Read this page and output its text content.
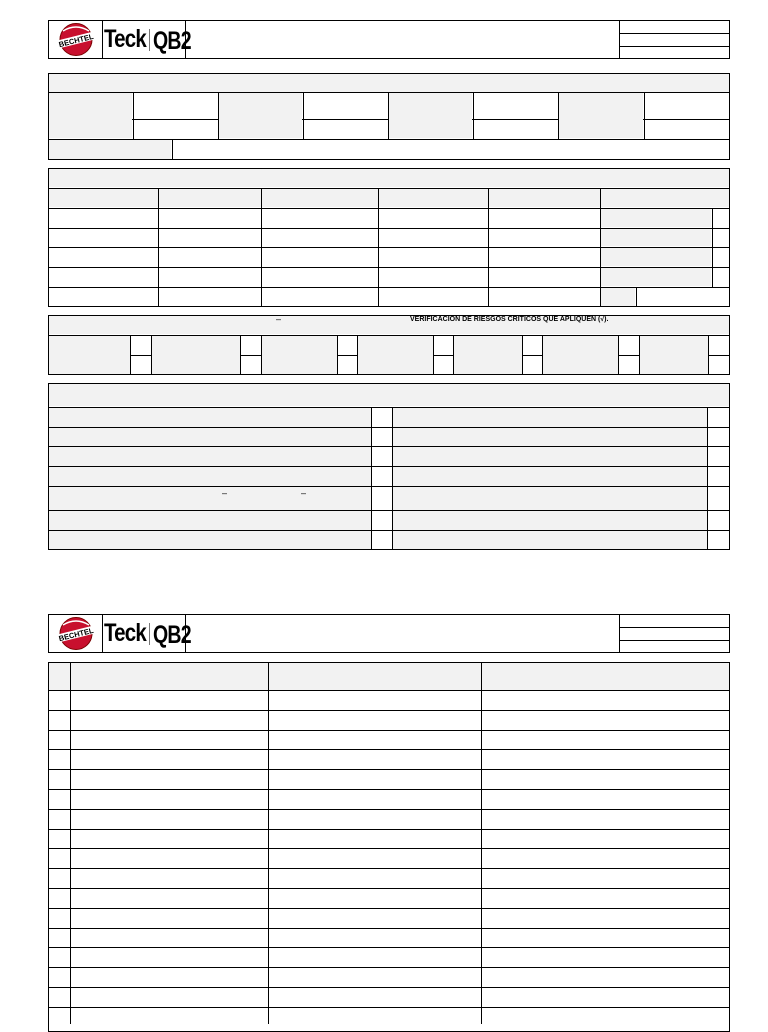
BECHTEL Teck QB2
–	VERIFICACION DE RIESGOS CRITICOS QUE APLIQUEN (√).
–	–
BECHTEL Teck QB2
